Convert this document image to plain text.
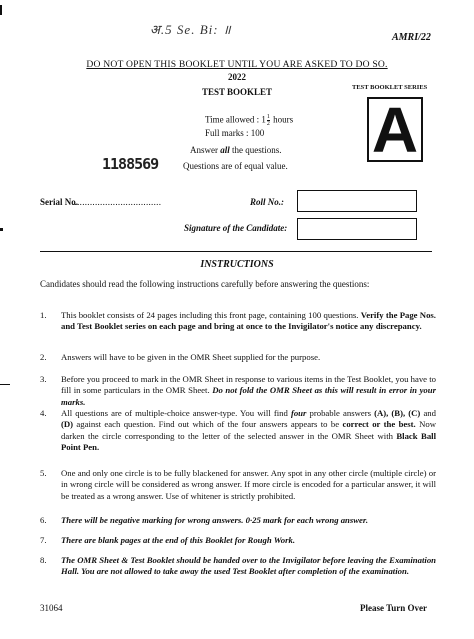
अ.5 Se. Bi: ॥
AMRI/22
DO NOT OPEN THIS BOOKLET UNTIL YOU ARE ASKED TO DO SO.
2022
TEST BOOKLET	TEST BOOKLET SERIES
A
Time allowed : $1 \frac{1}{2}$ hours
Full marks : 100
Answer all the questions.
1188569	Questions are of equal value.
Serial No.
...................................	Roll No.:
Signature of the Candidate:
INSTRUCTIONS
Candidates should read the following instructions carefully before answering the questions:
1. This booklet consists of 24 pages including this front page, containing 100 questions. Verify the Page Nos. and Test Booklet series on each page and bring at once to the Invigilator's notice any discrepancy.
2. Answers will have to be given in the OMR Sheet supplied for the purpose.
3. Before you proceed to mark in the OMR Sheet in response to various items in the Test Booklet, you have to fill in some particulars in the OMR Sheet. Do not fold the OMR Sheet as this will result in error in your marks.
4. All questions are of multiple-choice answer-type. You will find four probable answers (A), (B), (C) and (D) against each question. Find out which of the four answers appears to be correct or the best. Now darken the circle corresponding to the letter of the selected answer in the OMR Sheet with Black Ball Point Pen.
5. One and only one circle is to be fully blackened for answer. Any spot in any other circle (multiple circle) or in wrong circle will be considered as wrong answer. If more circle is encoded for a particular answer, it will be treated as a wrong answer. Use of whitener is strictly prohibited.
6. There will be negative marking for wrong answers. 0·25 mark for each wrong answer.
7. There are blank pages at the end of this Booklet for Rough Work.
8. The OMR Sheet & Test Booklet should be handed over to the Invigilator before leaving the Examination Hall. You are not allowed to take away the used Test Booklet after completion of the examination.
31064	Please Turn Over
